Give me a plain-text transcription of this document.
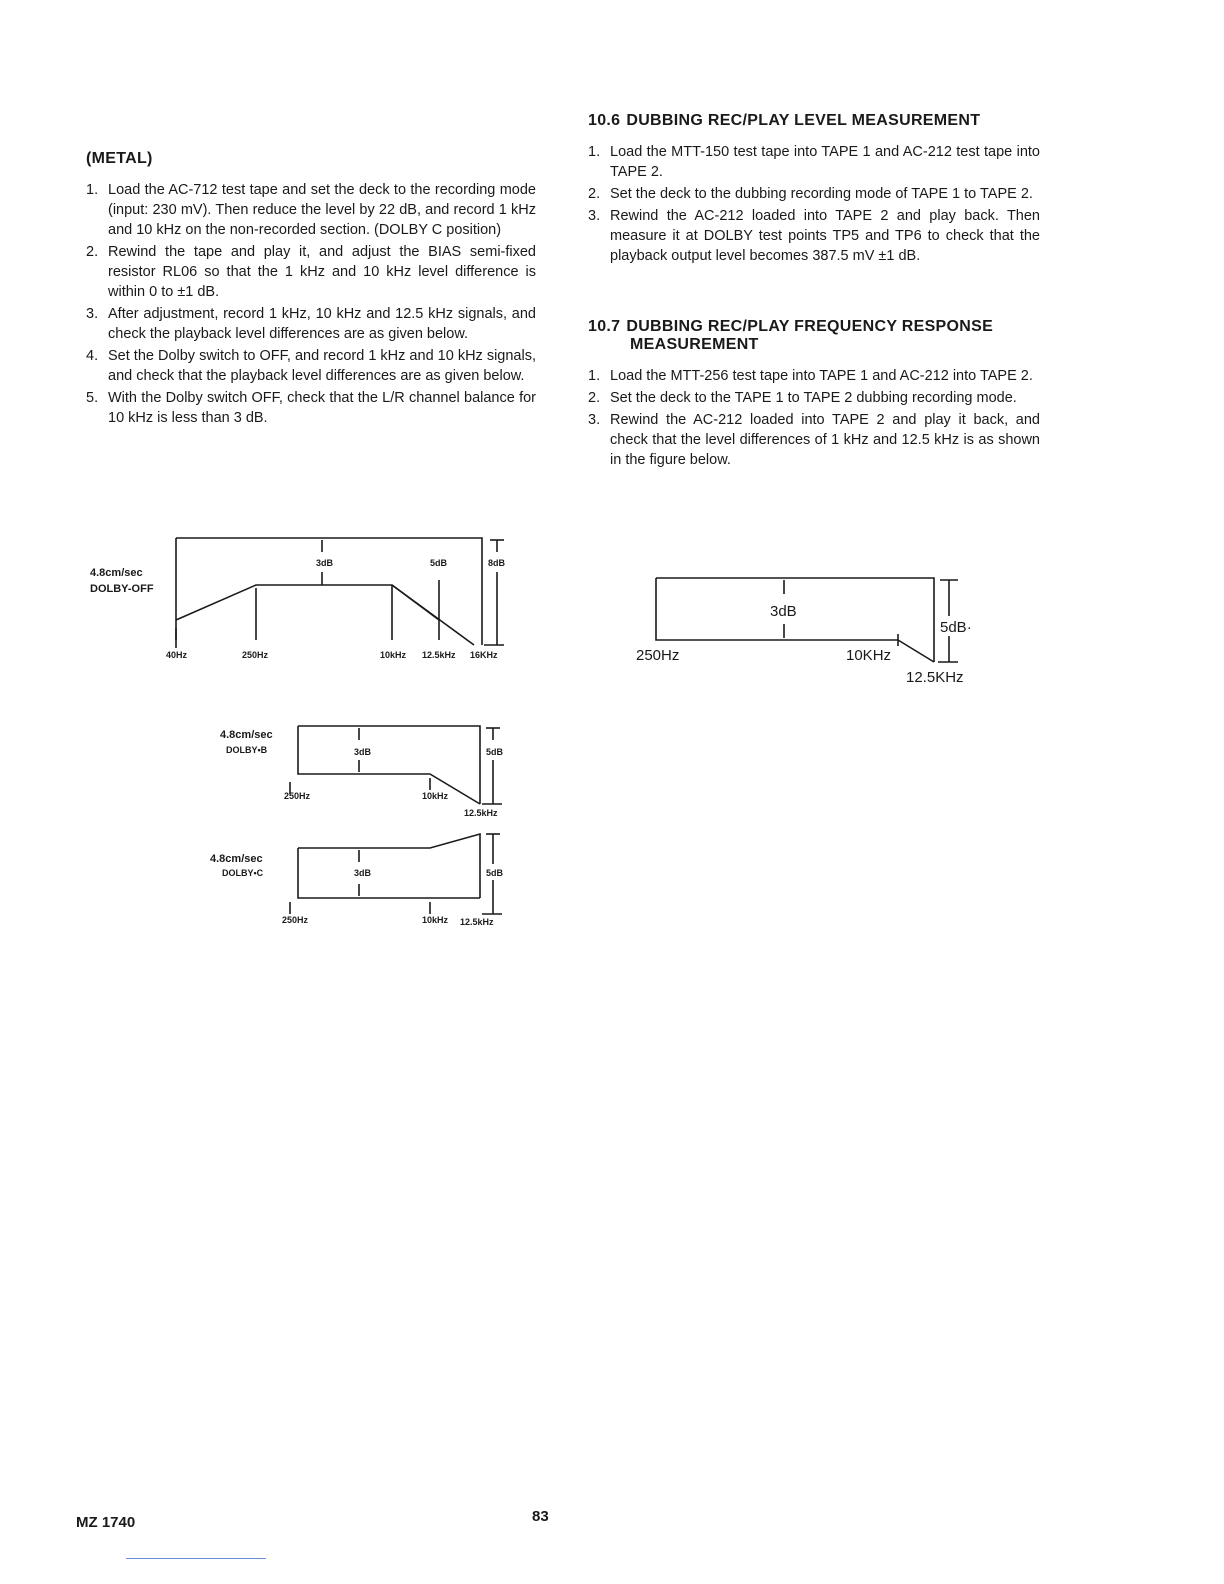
(METAL)
1. Load the AC-712 test tape and set the deck to the recording mode (input: 230 mV). Then reduce the level by 22 dB, and record 1 kHz and 10 kHz on the non-recorded section. (DOLBY C position)
2. Rewind the tape and play it, and adjust the BIAS semi-fixed resistor RL06 so that the 1 kHz and 10 kHz level difference is within 0 to ±1 dB.
3. After adjustment, record 1 kHz, 10 kHz and 12.5 kHz signals, and check the playback level differences are as given below.
4. Set the Dolby switch to OFF, and record 1 kHz and 10 kHz signals, and check that the playback level differences are as given below.
5. With the Dolby switch OFF, check that the L/R channel balance for 10 kHz is less than 3 dB.
10.6 DUBBING REC/PLAY LEVEL MEASUREMENT
1. Load the MTT-150 test tape into TAPE 1 and AC-212 test tape into TAPE 2.
2. Set the deck to the dubbing recording mode of TAPE 1 to TAPE 2.
3. Rewind the AC-212 loaded into TAPE 2 and play back. Then measure it at DOLBY test points TP5 and TP6 to check that the playback output level becomes 387.5 mV ±1 dB.
10.7 DUBBING REC/PLAY FREQUENCY RESPONSE
MEASUREMENT
1. Load the MTT-256 test tape into TAPE 1 and AC-212 into TAPE 2.
2. Set the deck to the TAPE 1 to TAPE 2 dubbing recording mode.
3. Rewind the AC-212 loaded into TAPE 2 and play it back, and check that the level differences of 1 kHz and 12.5 kHz is as shown in the figure below.
4.8cm/sec
DOLBY-OFF
3dB	5dB	8dB
40Hz	250Hz	10kHz 12.5kHz 16KHz
4.8cm/sec
DOLBY•B	3dB	5dB
250Hz	10kHz
12.5kHz
4.8cm/sec
DOLBY•C	3dB	5dB
250Hz	10kHz 12.5kHz
3dB
5dB·
250Hz	10KHz
12.5KHz
MZ 1740	83
